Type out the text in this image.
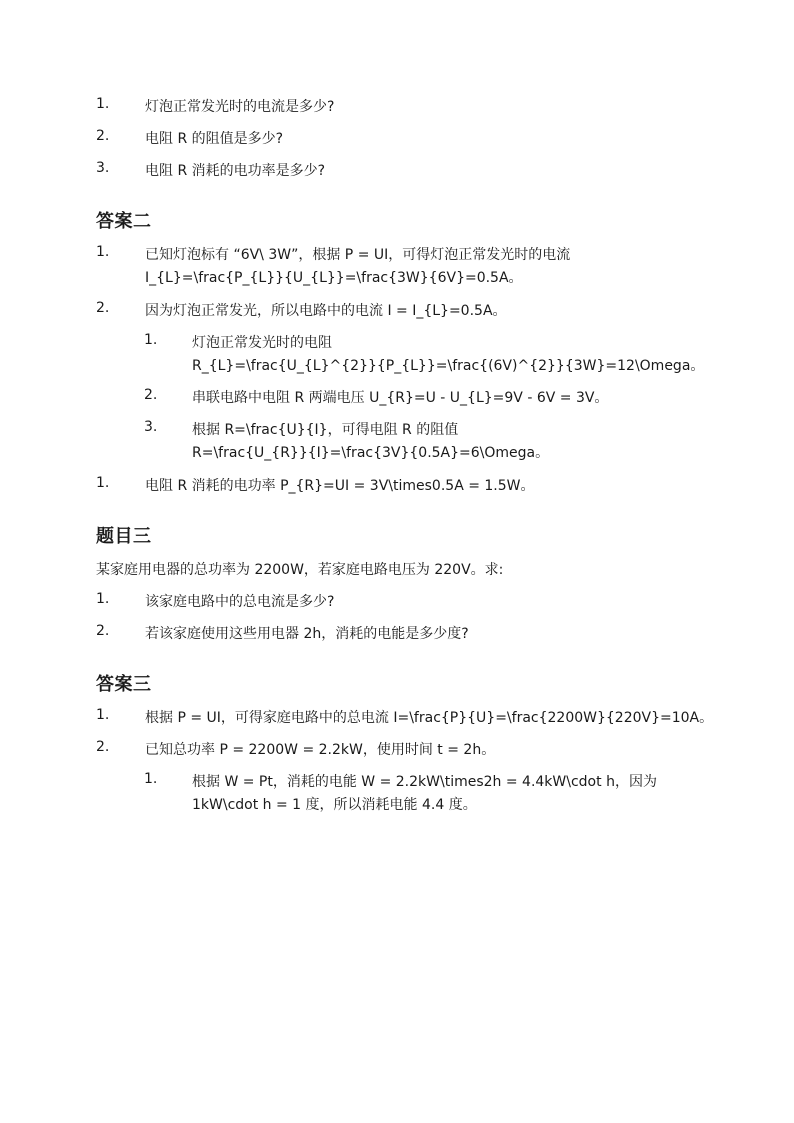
1.	灯泡正常发光时的电流是多少?
2.	电阻 R 的阻值是多少?
3.	电阻 R 消耗的电功率是多少?
答案二
1.	已知灯泡标有 “6V\ 3W”，根据 P = UI，可得灯泡正常发光时的电流
I_{L}=\frac{P_{L}}{U_{L}}=\frac{3W}{6V}=0.5A。
2.	因为灯泡正常发光，所以电路中的电流 I = I_{L}=0.5A。
1.	灯泡正常发光时的电阻
R_{L}=\frac{U_{L}^{2}}{P_{L}}=\frac{(6V)^{2}}{3W}=12\Omega。
2.	串联电路中电阻 R 两端电压 U_{R}=U - U_{L}=9V - 6V = 3V。
3.	根据 R=\frac{U}{I}，可得电阻 R 的阻值
R=\frac{U_{R}}{I}=\frac{3V}{0.5A}=6\Omega。
1.	电阻 R 消耗的电功率 P_{R}=UI = 3V\times0.5A = 1.5W。
题目三
某家庭用电器的总功率为 2200W，若家庭电路电压为 220V。求:
1.	该家庭电路中的总电流是多少?
2.	若该家庭使用这些用电器 2h，消耗的电能是多少度?
答案三
1.	根据 P = UI，可得家庭电路中的总电流 I=\frac{P}{U}=\frac{2200W}{220V}=10A。
2.	已知总功率 P = 2200W = 2.2kW，使用时间 t = 2h。
1.	根据 W = Pt，消耗的电能 W = 2.2kW\times2h = 4.4kW\cdot h，因为
1kW\cdot h = 1 度，所以消耗电能 4.4 度。
